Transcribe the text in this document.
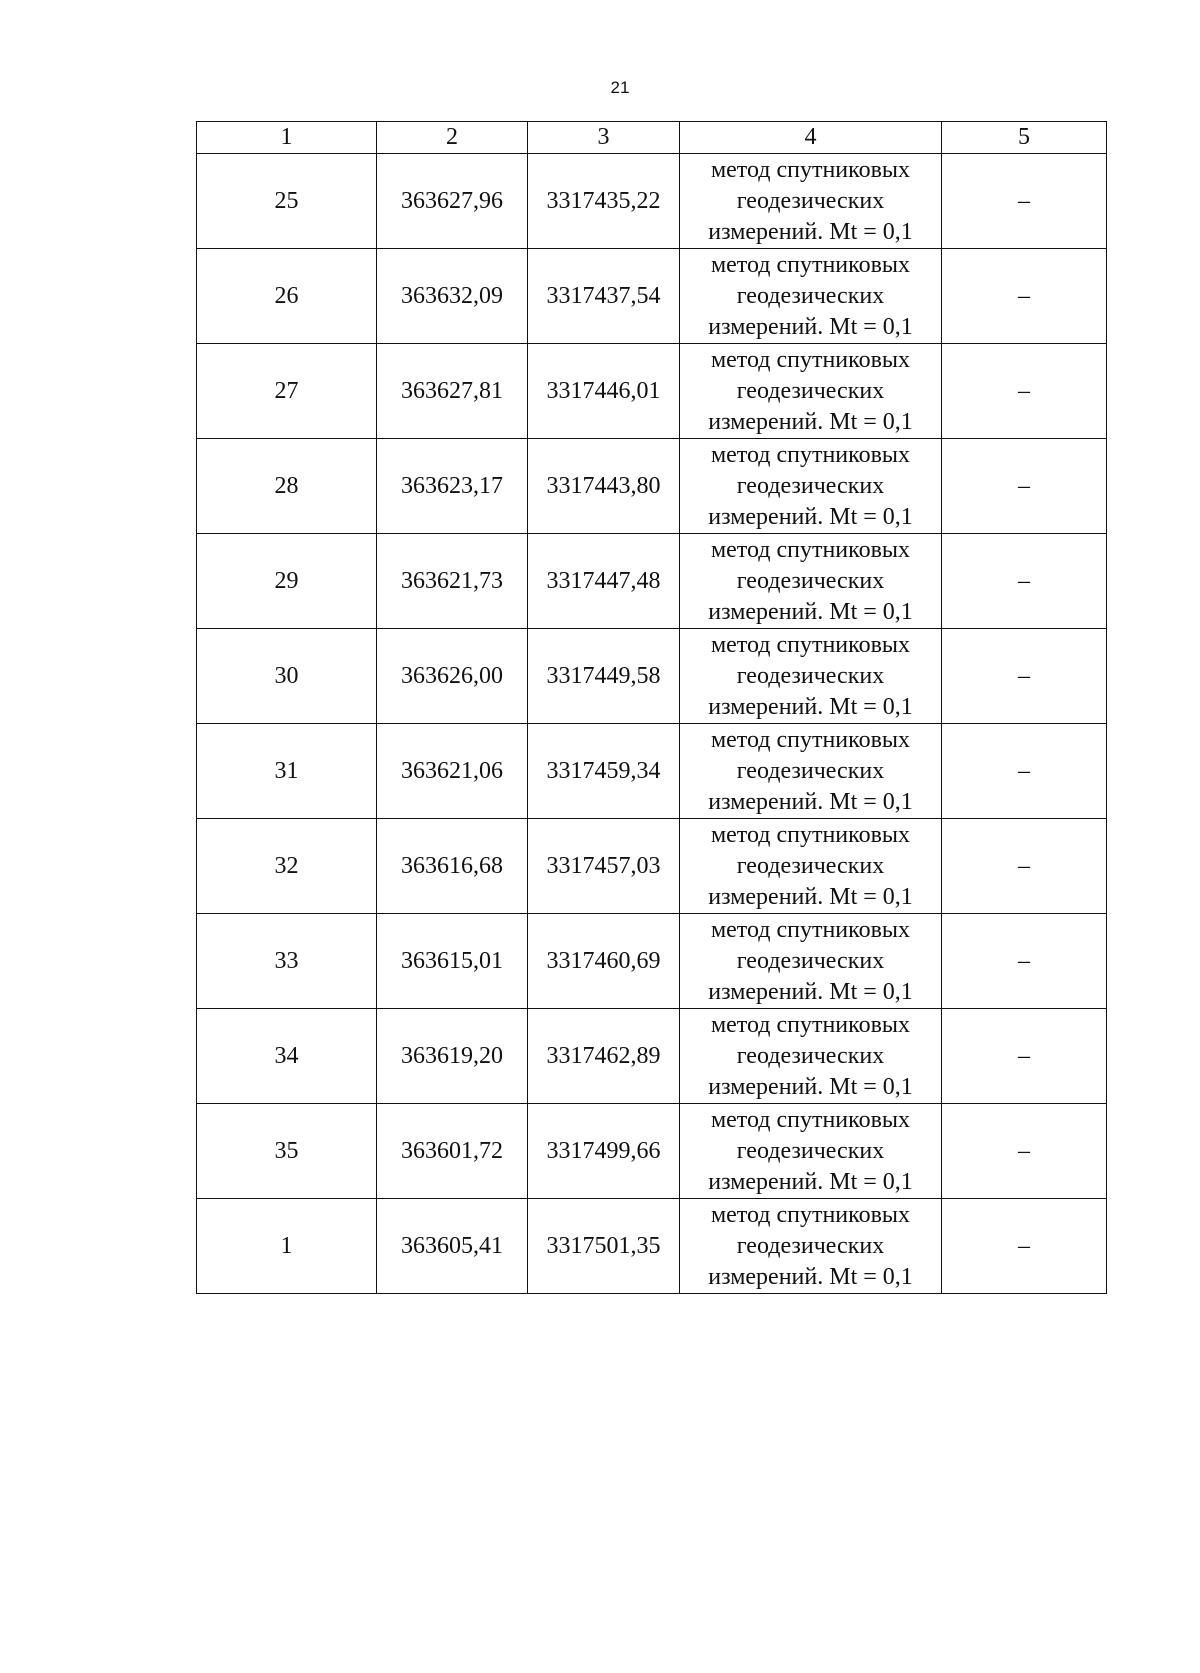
21
1	2	3	4	5
25	363627,96	3317435,22	метод спутниковых
геодезических
измерений. Mt = 0,1	–
26	363632,09	3317437,54	метод спутниковых
геодезических
измерений. Mt = 0,1	–
27	363627,81	3317446,01	метод спутниковых
геодезических
измерений. Mt = 0,1	–
28	363623,17	3317443,80	метод спутниковых
геодезических
измерений. Mt = 0,1	–
29	363621,73	3317447,48	метод спутниковых
геодезических
измерений. Mt = 0,1	–
30	363626,00	3317449,58	метод спутниковых
геодезических
измерений. Mt = 0,1	–
31	363621,06	3317459,34	метод спутниковых
геодезических
измерений. Mt = 0,1	–
32	363616,68	3317457,03	метод спутниковых
геодезических
измерений. Mt = 0,1	–
33	363615,01	3317460,69	метод спутниковых
геодезических
измерений. Mt = 0,1	–
34	363619,20	3317462,89	метод спутниковых
геодезических
измерений. Mt = 0,1	–
35	363601,72	3317499,66	метод спутниковых
геодезических
измерений. Mt = 0,1	–
1	363605,41	3317501,35	метод спутниковых
геодезических
измерений. Mt = 0,1	–
